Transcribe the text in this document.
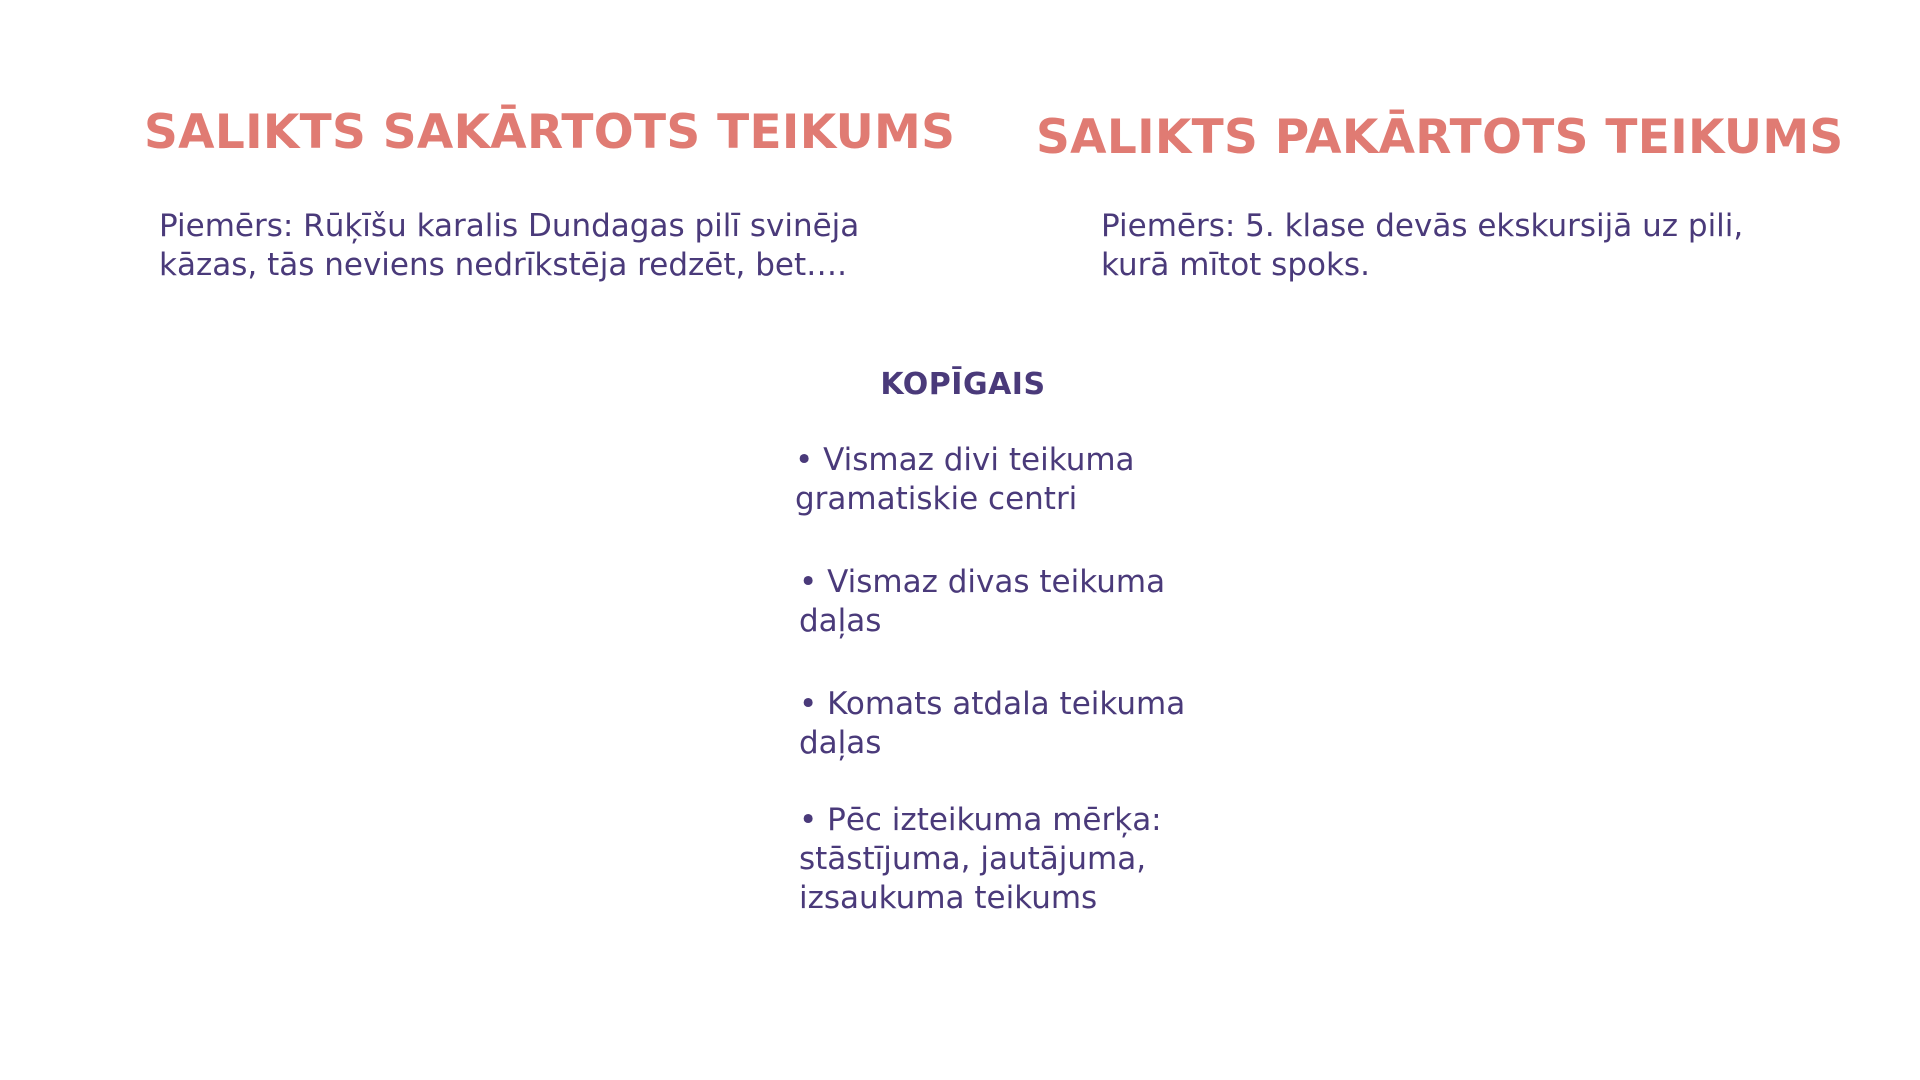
SALIKTS SAKĀRTOTS TEIKUMS SALIKTS PAKĀRTOTS TEIKUMS

Piemērs: Rūķīšu karalis Dundagas pilī svinēja kāzas, tās neviens nedrīkstēja redzēt, bet….

Piemērs: 5. klase devās ekskursijā uz pili, kurā mītot spoks.

KOPĪGAIS
• Vismaz divi teikuma gramatiskie centri
• Vismaz divas teikuma daļas
• Komats atdala teikuma daļas
• Pēc izteikuma mērķa: stāstījuma, jautājuma, izsaukuma teikums
